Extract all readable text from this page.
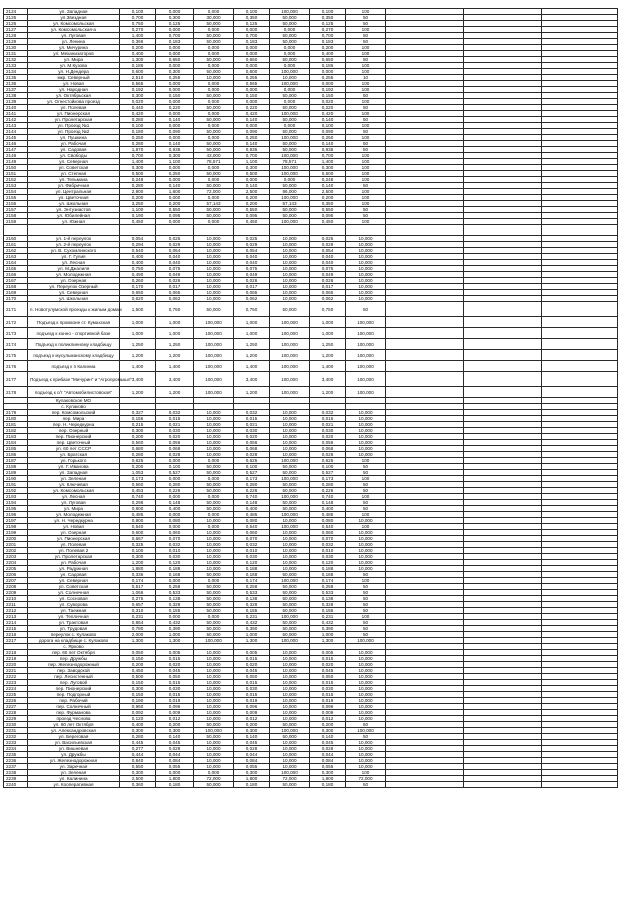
2124	ул. Западная	0,100	0,000	0,000	0,100	100,000	0,100	100			
2125	ул.Звездная	0,700	0,300	30,000	0,350	50,000	0,350	50			
2126	ул. Комсомольская	0,750	0,125	50,000	0,125	50,000	0,125	50			
2127	ул. Комсомольская-а	0,270	0,000	0,000	0,000	0,000	0,270	100			
2128	ул. Луговая	1,400	0,700	50,000	0,700	50,000	0,700	50			
2129	ул. Ленина	0,366	0,183	50,000	0,183	50,000	0,183	50			
2130	ул. Мичурина	0,200	0,000	0,000	0,000	0,000	0,200	100			
2131	ул. Механизаторов	0,400	0,000	0,000	0,000	0,000	0,400	100			
2132	ул. Мира	1,300	0,650	50,000	0,650	50,000	0,650	50			
2133	ул. М.Кузова	0,186	0,000	0,000	0,000	0,000	0,186	100			
2134	ул. Н.Дендера	0,600	0,300	50,000	0,600	100,000	0,000	100			
2135	мкр. Северный	2,510	0,255	10,000	0,255	10,000	0,255	10			
2136	ул. Новая	0,565	0,000	0,000	0,565	100,000	0,000	100			
2137	ул. Народная	0,192	0,000	0,000	0,000	0,000	0,192	100			
2138	ул. Октябрьская	0,300	0,150	50,000	0,150	50,000	0,150	50			
2139	ул. Огнестойкова проезд	0,020	0,000	0,000	0,000	0,000	0,020	100			
2140	ул. Полевая	0,440	0,220	50,000	0,220	50,000	0,220	50			
2141	ул. Пионерская	0,420	0,000	0,000	0,420	100,000	0,420	100			
2142	ул. Пролетарская	0,280	0,140	50,000	0,140	50,000	0,140	50			
2143	ул. Проезд №1	0,100	0,000	0,000	0,000	0,000	0,100	100			
2144	ул. Проезд №2	0,180	0,090	50,000	0,090	50,000	0,090	50			
2145	ул. Пушкина	0,250	0,000	0,000	0,250	100,000	0,250	100			
2146	ул. Рабочая	0,280	0,140	50,000	0,140	50,000	0,140	50			
2147	ул. Садовая	1,870	0,935	50,000	0,935	50,000	0,935	50			
2148	ул. Свободы	0,700	0,300	43,000	0,700	100,000	0,700	100			
2149	ул. Северная	1,400	1,100	78,571	1,100	78,571	1,400	100			
2150	ул. Советская	0,300	0,000	0,000	0,300	100,000	0,300	100			
2151	ул. Степная	0,500	0,250	50,000	0,500	100,000	0,500	100			
2152	ул. Тельмана	0,248	0,000	0,000	0,000	0,000	0,248	100			
2153	ул. Фабричная	0,280	0,140	50,000	0,140	50,000	0,140	50			
2154	ул. Центральная	2,900	1,600	72,000	2,500	86,000	2,500	100			
2155	ул. Цветочная	0,200	0,000	0,000	0,200	100,000	0,200	100			
2156	ул. Школьная	3,250	0,200	57,143	0,200	57,143	0,350	100			
2157	ул. Энтузиастов	1,100	0,550	50,000	0,550	50,000	0,550	50			
2158	ул. Юбилейная	0,190	0,095	50,000	0,095	50,000	0,095	50			
2159	ул. Южная	0,450	0,000	0,000	0,450	100,000	0,450	100			

2160	ул. 1-й переулок	0,054	0,025	10,000	0,025	10,000	0,025	10,000			
2161	ул. 2-й переулок	0,294	0,029	10,000	0,029	10,000	0,029	10,000			
2162	ул. В. Сухомлинского	0,540	0,054	10,000	0,054	10,000	0,054	10,000			
2163	ул. Г. Гулия	0,400	0,040	10,000	0,040	10,000	0,040	10,000			
2164	ул. Лесная	0,400	0,040	10,000	0,040	10,000	0,040	10,000			
2165	ул. М.Джалиля	0,750	0,075	10,000	0,075	10,000	0,075	10,000			
2166	ул. Молодежная	0,490	0,049	10,000	0,049	10,000	0,049	10,000			
2167	ул. Озерная	0,260	0,026	10,000	0,026	10,000	0,026	10,000			
2168	ул. Переулок Озерный	0,170	0,017	10,000	0,017	10,000	0,017	10,000			
2169	ул. Северная	0,650	0,065	10,000	0,065	10,000	0,065	10,000			
2170	ул. Школьная	0,620	0,062	10,000	0,062	10,000	0,062	10,000			
2171	п. Новотулумской проезды к жилым домам	1,500	0,750	50,000	0,750	50,000	0,750	50			
2172	Подъезд к промзоне ст. Кумахская	1,000	1,000	100,000	1,000	100,000	1,000	100,000			
2173	подъезд к конно - спортивной базе	1,000	1,000	100,000	1,000	100,000	1,000	100,000			
2174	Подъезд к поликлинному кладбищу	1,250	1,250	100,000	1,250	100,000	1,250	100,000			
2175	подъезд к мусульманскому кладбищу	1,200	1,200	100,000	1,200	100,000	1,200	100,000			
2176	подъезд к п Калиниа	1,400	1,400	100,000	1,400	100,000	1,400	100,000			
2177	Подъезд к прибазе "Мичурин" и "Агропромышл"	3,400	3,400	100,000	3,400	100,000	3,400	100,000			
2178	подъезд к с/т "Автомобилистовская"	1,200	1,200	100,000	1,200	100,000	1,200	100,000			
	Кулаковское МО										
	с. Кулаково										
2179	пер. Комсомольский	0,327	0,032	10,000	0,032	10,000	0,032	10,000			
2180	пер. Мира	0,156	0,015	10,000	0,015	10,000	0,015	10,000			
2181	пер. Н. Чередкурна	0,215	0,021	10,000	0,021	10,000	0,021	10,000			
2182	пер. Озерный	0,300	0,030	10,000	0,030	10,000	0,030	10,000			
2183	пер. Пионерский	0,200	0,020	10,000	0,020	10,000	0,020	10,000			
2184	пер. Цветочный	0,560	0,056	10,000	0,056	10,000	0,056	10,000			
2185	ул. 60 лет СССР	0,680	0,068	10,000	0,068	10,000	0,068	10,000			
2186	ул. Братская	0,280	0,028	10,000	0,028	10,000	0,028	10,000			
2187	ул. Горького	0,625	0,000	0,000	0,625	100,000	0,625	100			
2188	ул. Г. Иванова	0,200	0,100	50,000	0,100	50,000	0,100	50			
2189	ул. Западная	1,053	0,527	50,000	0,527	50,000	0,527	50			
2190	ул. Зеленая	0,173	0,000	0,000	0,173	100,000	0,173	100			
2191	ул. Ключевая	0,560	0,280	50,000	0,280	50,000	0,280	50			
2192	ул. Комсомольская	0,453	0,226	50,000	0,226	50,000	0,226	50			
2193	ул. Лесная	0,740	0,000	0,000	0,740	100,000	0,740	100			
2194	ул. Луговая	0,296	0,148	50,000	0,148	50,000	0,148	50			
2195	ул. Мира	0,800	0,400	50,000	0,400	50,000	0,400	50			
2196	ул. Молодежная	0,485	0,000	0,000	0,485	100,000	0,485	100			
2197	ул. Н. Чередкурна	0,800	0,080	10,000	0,080	10,000	0,080	10,000			
2198	ул. Новая	0,540	0,000	0,000	0,540	100,000	0,540	100			
2199	ул. Озерная	0,600	0,060	10,000	0,060	10,000	0,060	10,000			
2200	ул. Пионерская	0,667	0,070	10,000	0,070	10,000	0,070	10,000			
2201	ул. Полевая	0,325	0,032	10,000	0,032	10,000	0,032	10,000			
2202	ул. Полевая 2	0,100	0,010	10,000	0,010	10,000	0,010	10,000			
2203	ул. Пролетарская	0,300	0,030	10,000	0,030	10,000	0,030	10,000			
2204	ул. Рабочая	1,200	0,120	10,000	0,120	10,000	0,120	10,000			
2205	ул. Радужная	1,880	0,188	10,000	0,188	10,000	0,188	10,000			
2206	ул. Садовая	0,336	0,168	50,000	0,168	50,000	0,168	50			
2207	ул. Северная	0,174	0,000	0,000	0,174	100,000	0,174	100			
2208	ул. Советская	0,517	0,258	50,000	0,258	50,000	0,258	50			
2209	ул. Солнечная	1,066	0,533	50,000	0,533	50,000	0,533	50			
2210	ул. Сосновая	0,275	0,138	50,000	0,138	50,000	0,138	50			
2211	ул. Суворова	0,657	0,328	50,000	0,328	50,000	0,328	50			
2212	ул. Таежная	0,310	0,155	50,000	0,155	50,000	0,155	50			
2213	ул. Тепличная	0,231	0,000	0,000	0,231	100,000	0,231	100			
2214	ул. Трактовая	0,864	0,432	50,000	0,432	50,000	0,432	50			
2215	ул. Трудовая	0,780	0,390	50,000	0,390	50,000	0,390	50			
2216	переулок с. Кулаково	2,000	1,000	50,000	1,000	50,000	1,000	50			
2217	дорога на кладбище с. Кулаково	1,300	1,300	100,000	1,300	100,000	1,300	100,000			
	с. Ярково										
2218	пер. 60 лет Октября	0,050	0,005	10,000	0,005	10,000	0,005	10,000			
2219	пер. Дружбы	0,150	0,015	10,000	0,015	10,000	0,015	10,000			
2220	пер. Железнодорожный	0,200	0,020	10,000	0,020	10,000	0,020	10,000			
2221	пер. Заводской	0,450	0,045	10,000	0,045	10,000	0,045	10,000			
2222	пер. Лесистенный	0,500	0,050	10,000	0,050	10,000	0,050	10,000			
2223	пер. Луговой	0,150	0,015	10,000	0,015	10,000	0,015	10,000			
2224	пер. Пионерский	0,300	0,030	10,000	0,030	10,000	0,030	10,000			
2225	пер. Подгорный	0,150	0,015	10,000	0,015	10,000	0,015	10,000			
2226	пер. Рабочий	0,190	0,019	10,000	0,019	10,000	0,019	10,000			
2227	пер. Солнечный	0,960	0,096	10,000	0,096	10,000	0,096	10,000			
2228	пер. Фурманова	0,092	0,009	10,000	0,009	10,000	0,009	10,000			
2229	проезд Чеснова	0,120	0,012	10,000	0,012	10,000	0,012	10,000			
2230	ул. 60 лет Октября	0,400	0,200	50,000	0,200	50,000	0,200	50			
2231	ул. Александровская	0,300	0,300	100,000	0,300	100,000	0,300	100,000			
2232	ул. Береговая	0,280	0,140	50,000	0,140	50,000	0,140	50			
2233	ул. Васильевская	0,445	0,045	10,000	0,045	10,000	0,045	10,000			
2234	ул. Вишневая	0,277	0,028	10,000	0,028	10,000	0,028	10,000			
2235	ул. Дружбы	0,444	0,044	10,000	0,044	10,000	0,044	10,000			
2236	ул. Железнодорожная	0,840	0,084	10,000	0,084	10,000	0,084	10,000			
2237	ул. Заречная	0,550	0,055	10,000	0,055	10,000	0,055	10,000			
2238	ул. Зеленая	0,300	0,000	0,000	0,300	100,000	0,300	100			
2239	ул. Калинина	2,500	1,800	72,000	1,800	72,000	1,800	72,000			
2240	ул. Кооперативная	0,360	0,180	50,000	0,180	50,000	0,180	50			
